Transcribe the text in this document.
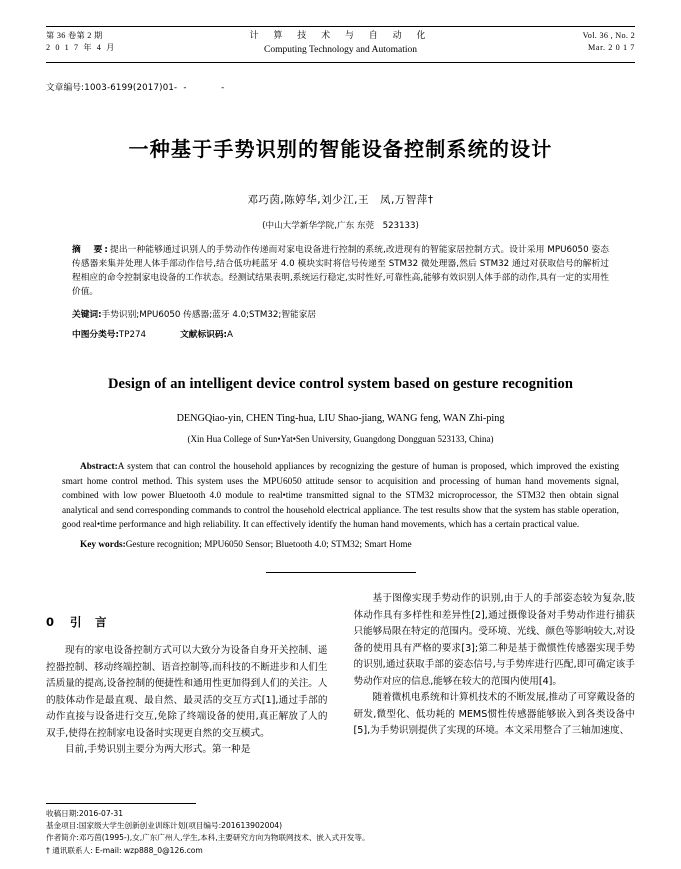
第 36 卷第 2 期
2 0 1 7 年 4 月
计 算 技 术 与 自 动 化
Computing Technology and Automation
Vol. 36 , No. 2
Mar. 2 0 1 7
文章编号:1003-6199(2017)01- - -
一种基于手势识别的智能设备控制系统的设计
邓巧茵,陈婷华,刘少江,王　凤,万智萍†
(中山大学新华学院,广东 东莞　523133)
摘　要:提出一种能够通过识别人的手势动作传递而对家电设备进行控制的系统,改进现有的智能家居控制方式。设计采用 MPU6050 姿态传感器来集并处理人体手部动作信号,结合低功耗蓝牙 4.0 模块实时将信号传递至 STM32 微处理器,然后 STM32 通过对获取信号的解析过程相应的命令控制家电设备的工作状态。经测试结果表明,系统运行稳定,实时性好,可靠性高,能够有效识别人体手部的动作,具有一定的实用性价值。
关键词:手势识别;MPU6050 传感器;蓝牙 4.0;STM32;智能家居
中图分类号:TP274	文献标识码:A
Design of an intelligent device control system based on gesture recognition
DENGQiao-yin, CHEN Ting-hua, LIU Shao-jiang, WANG feng, WAN Zhi-ping
(Xin Hua College of Sun•Yat•Sen University, Guangdong Dongguan 523133, China)

Abstract:A system that can control the household appliances by recognizing the gesture of human is proposed, which improved the existing smart home control method. This system uses the MPU6050 attitude sensor to acquisition and processing of human hand movements signal, combined with low power Bluetooth 4.0 module to real•time transmitted signal to the STM32 microprocessor, the STM32 then obtain signal analytical and send corresponding commands to control the household electrical appliance. The test results show that the system has stable operation, good real•time performance and high reliability. It can effectively identify the human hand movements, which has a certain practical value.

Key words:Gesture recognition; MPU6050 Sensor; Bluetooth 4.0; STM32; Smart Home
0 引　言

现有的家电设备控制方式可以大致分为设备自身开关控制、遥控器控制、移动终端控制、语音控制等,而科技的不断进步和人们生活质量的提高,设备控制的便捷性和通用性更加得到人们的关注。人的肢体动作是最直观、最自然、最灵活的交互方式[1],通过手部的动作直接与设备进行交互,免除了终端设备的使用,真正解放了人的双手,使得在控制家电设备时实现更自然的交互模式。

目前,手势识别主要分为两大形式。第一种是

基于图像实现手势动作的识别,由于人的手部姿态较为复杂,肢体动作具有多样性和差异性[2],通过摄像设备对手势动作进行捕获只能够局限在特定的范围内。受环境、光线、颜色等影响较大,对设备的使用具有严格的要求[3];第二种是基于微惯性传感器实现手势的识别,通过获取手部的姿态信号,与手势库进行匹配,即可确定该手势动作对应的信息,能够在较大的范围内使用[4]。

随着微机电系统和计算机技术的不断发展,推动了可穿戴设备的研发,微型化、低功耗的 MEMS惯性传感器能够嵌入到各类设备中[5],为手势识别提供了实现的环境。本文采用整合了三轴加速度、

收稿日期:2016-07-31
基金项目:国家级大学生创新创业训练计划(项目编号:201613902004)
作者简介:邓巧茵(1995-),女,广东广州人,学生,本科,主要研究方向为物联网技术、嵌入式开发等。
† 通讯联系人: E-mail: wzp888_0@126.com
